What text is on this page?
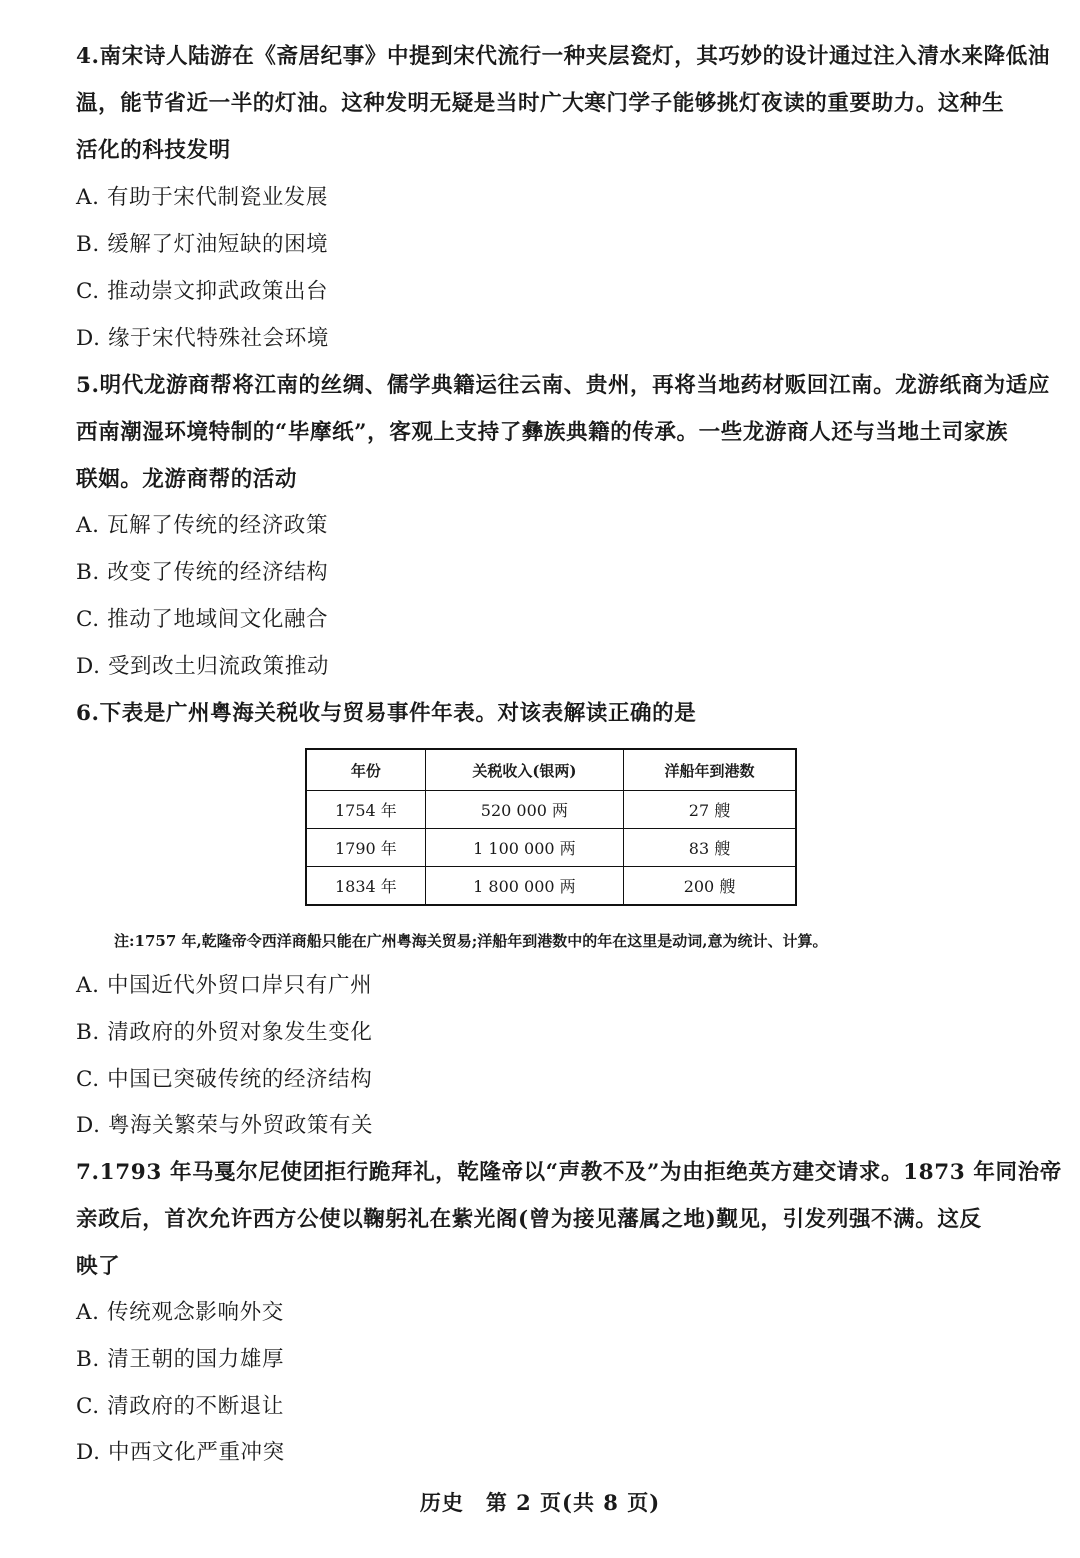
4.南宋诗人陆游在《斋居纪事》中提到宋代流行一种夹层瓷灯，其巧妙的设计通过注入清水来降低油

温，能节省近一半的灯油。这种发明无疑是当时广大寒门学子能够挑灯夜读的重要助力。这种生

活化的科技发明

A. 有助于宋代制瓷业发展

B. 缓解了灯油短缺的困境

C. 推动崇文抑武政策出台

D. 缘于宋代特殊社会环境

5.明代龙游商帮将江南的丝绸、儒学典籍运往云南、贵州，再将当地药材贩回江南。龙游纸商为适应

西南潮湿环境特制的“毕摩纸”，客观上支持了彝族典籍的传承。一些龙游商人还与当地土司家族

联姻。龙游商帮的活动

A. 瓦解了传统的经济政策

B. 改变了传统的经济结构

C. 推动了地域间文化融合

D. 受到改土归流政策推动

6.下表是广州粤海关税收与贸易事件年表。对该表解读正确的是

年份	关税收入(银两)	洋船年到港数
1754 年	520 000 两	27 艘
1790 年	1 100 000 两	83 艘
1834 年	1 800 000 两	200 艘

注:1757 年,乾隆帝令西洋商船只能在广州粤海关贸易;洋船年到港数中的年在这里是动词,意为统计、计算。

A. 中国近代外贸口岸只有广州

B. 清政府的外贸对象发生变化

C. 中国已突破传统的经济结构

D. 粤海关繁荣与外贸政策有关

7.1793 年马戛尔尼使团拒行跪拜礼，乾隆帝以“声教不及”为由拒绝英方建交请求。1873 年同治帝

亲政后，首次允许西方公使以鞠躬礼在紫光阁(曾为接见藩属之地)觐见，引发列强不满。这反

映了

A. 传统观念影响外交

B. 清王朝的国力雄厚

C. 清政府的不断退让

D. 中西文化严重冲突

历史　第 2 页(共 8 页)
